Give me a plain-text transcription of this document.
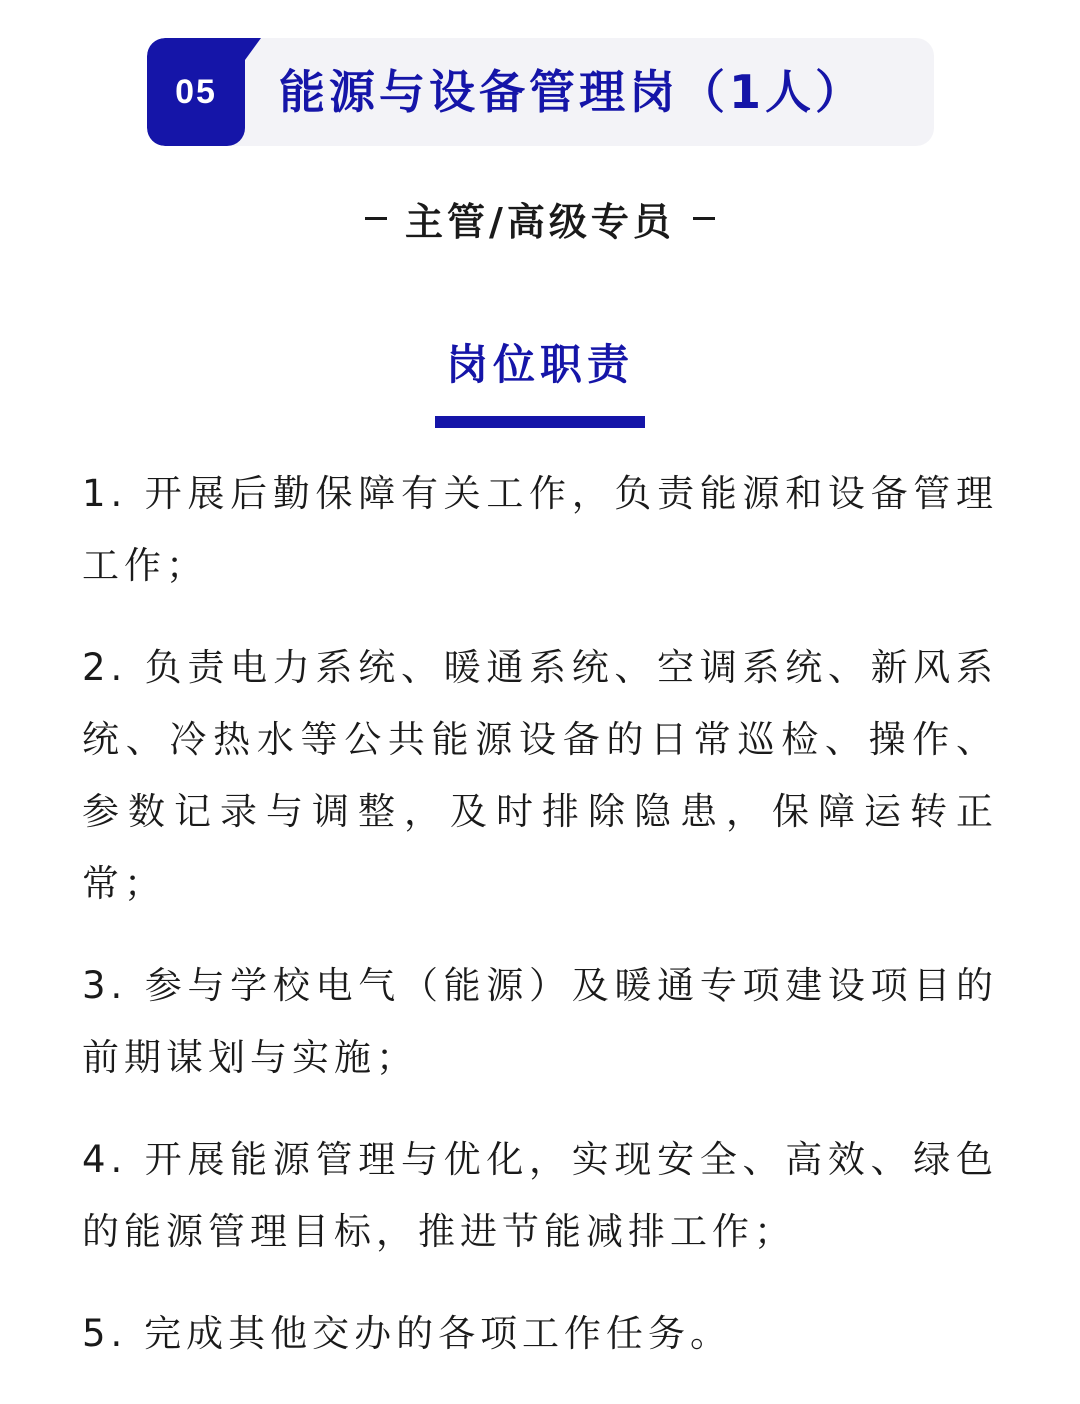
05	能源与设备管理岗（1人）
主管/高级专员
岗位职责

1. 开展后勤保障有关工作，负责能源和设备管理工作；

2. 负责电力系统、暖通系统、空调系统、新风系统、冷热水等公共能源设备的日常巡检、操作、参数记录与调整，及时排除隐患，保障运转正常；

3. 参与学校电气（能源）及暖通专项建设项目的前期谋划与实施；

4. 开展能源管理与优化，实现安全、高效、绿色的能源管理目标，推进节能减排工作；

5. 完成其他交办的各项工作任务。
